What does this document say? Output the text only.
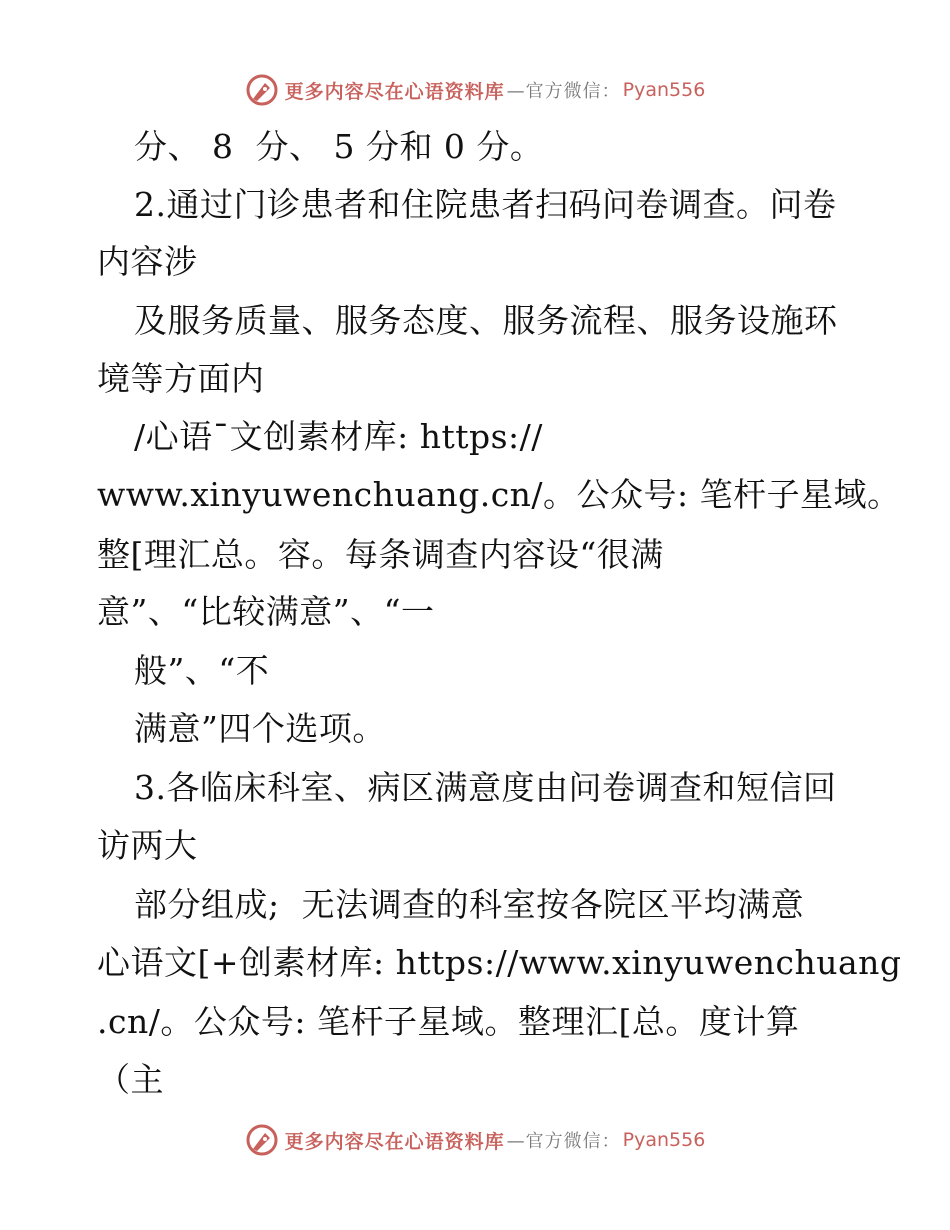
更多内容尽在心语资料库 —官方微信： Pyan556
分、 8  分、 5 分和 0 分。
2.通过门诊患者和住院患者扫码问卷调查。问卷
内容涉
及服务质量、服务态度、服务流程、服务设施环
境等方面内
/心语¯文创素材库: https://
www.xinyuwenchuang.cn/。公众号: 笔杆子星域。
整[理汇总。容。每条调查内容设“很满
意”、“比较满意”、“一
般”、“不
满意”四个选项。
3.各临床科室、病区满意度由问卷调查和短信回
访两大
部分组成;  无法调查的科室按各院区平均满意
心语文[+创素材库: https://www.xinyuwenchuang
.cn/。公众号: 笔杆子星域。整理汇[总。度计算
（主
更多内容尽在心语资料库 —官方微信： Pyan556
